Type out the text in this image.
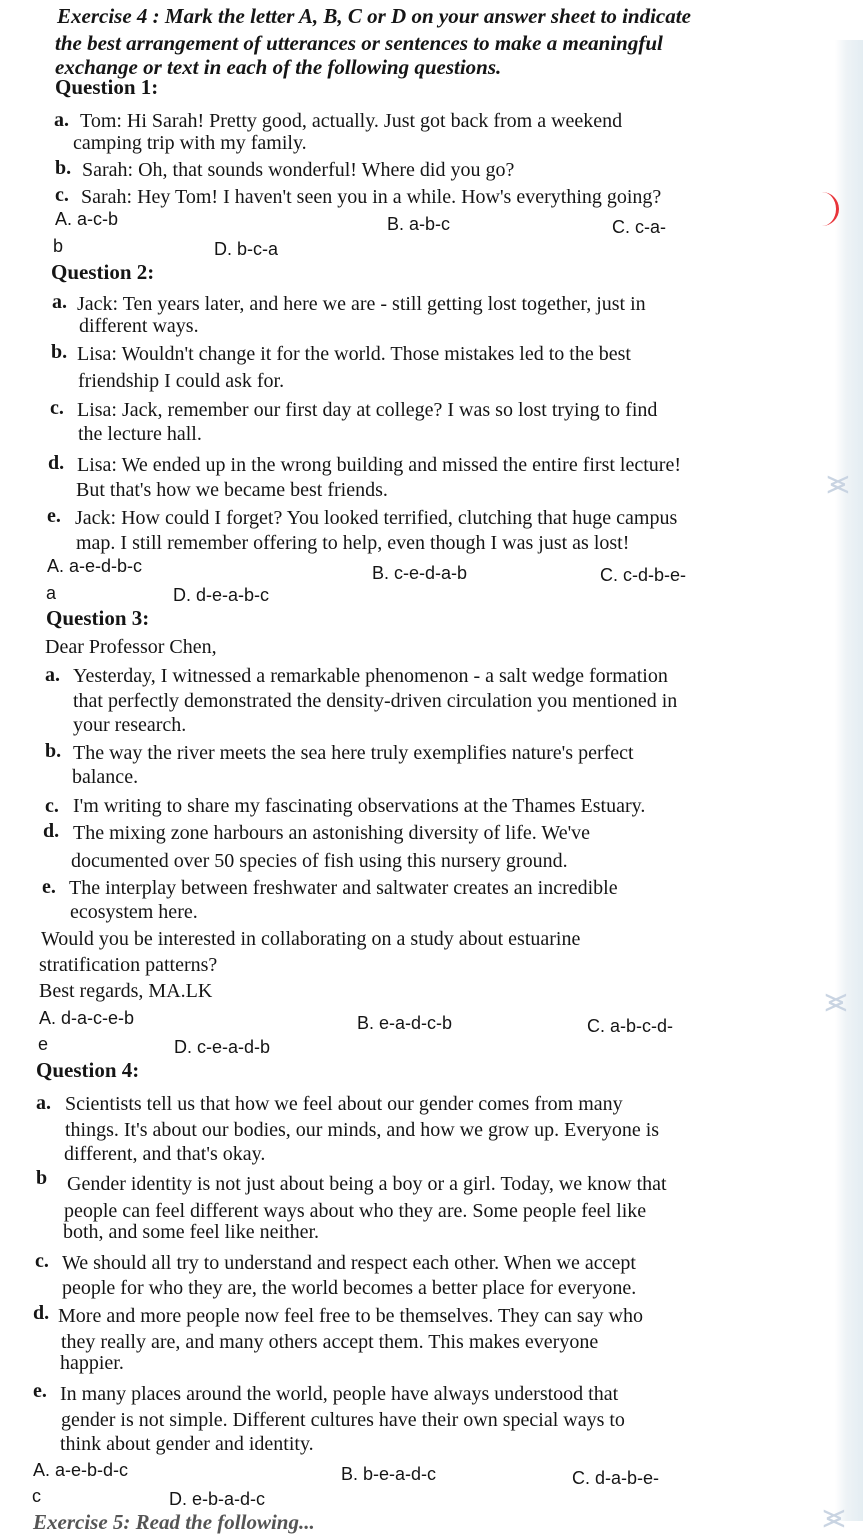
⪤
Exercise 4 : Mark the letter A, B, C or D on your answer sheet to indicate
the best arrangement of utterances or sentences to make a meaningful
exchange or text in each of the following questions.
Question 1:
a. Tom: Hi Sarah! Pretty good, actually. Just got back from a weekend
camping trip with my family.
b. Sarah: Oh, that sounds wonderful! Where did you go?
c. Sarah: Hey Tom! I haven't seen you in a while. How's everything going?
A. a-c-b	B. a-b-c	C. c-a-
b	D. b-c-a
Question 2:
a. Jack: Ten years later, and here we are - still getting lost together, just in
different ways.
b. Lisa: Wouldn't change it for the world. Those mistakes led to the best
friendship I could ask for.
c. Lisa: Jack, remember our first day at college? I was so lost trying to find
the lecture hall.
d. Lisa: We ended up in the wrong building and missed the entire first lecture!
But that's how we became best friends.
e. Jack: How could I forget? You looked terrified, clutching that huge campus
map. I still remember offering to help, even though I was just as lost!
A. a-e-d-b-c	B. c-e-d-a-b	C. c-d-b-e-
a	D. d-e-a-b-c
Question 3:
Dear Professor Chen,
a. Yesterday, I witnessed a remarkable phenomenon - a salt wedge formation
that perfectly demonstrated the density-driven circulation you mentioned in
your research.
b. The way the river meets the sea here truly exemplifies nature's perfect
balance.
c. I'm writing to share my fascinating observations at the Thames Estuary.
d. The mixing zone harbours an astonishing diversity of life. We've
documented over 50 species of fish using this nursery ground.
e. The interplay between freshwater and saltwater creates an incredible
ecosystem here.
Would you be interested in collaborating on a study about estuarine
stratification patterns?
Best regards, MA.LK
A. d-a-c-e-b	B. e-a-d-c-b	C. a-b-c-d-
e	D. c-e-a-d-b
⪤
Question 4:
a. Scientists tell us that how we feel about our gender comes from many
things. It's about our bodies, our minds, and how we grow up. Everyone is
different, and that's okay.
b Gender identity is not just about being a boy or a girl. Today, we know that
people can feel different ways about who they are. Some people feel like
both, and some feel like neither.
c. We should all try to understand and respect each other. When we accept
people for who they are, the world becomes a better place for everyone.
d. More and more people now feel free to be themselves. They can say who
they really are, and many others accept them. This makes everyone
happier.
e. In many places around the world, people have always understood that
gender is not simple. Different cultures have their own special ways to
think about gender and identity.
A. a-e-b-d-c	B. b-e-a-d-c	C. d-a-b-e-
c	D. e-b-a-d-c
Exercise 5: Read the following...	⪤
